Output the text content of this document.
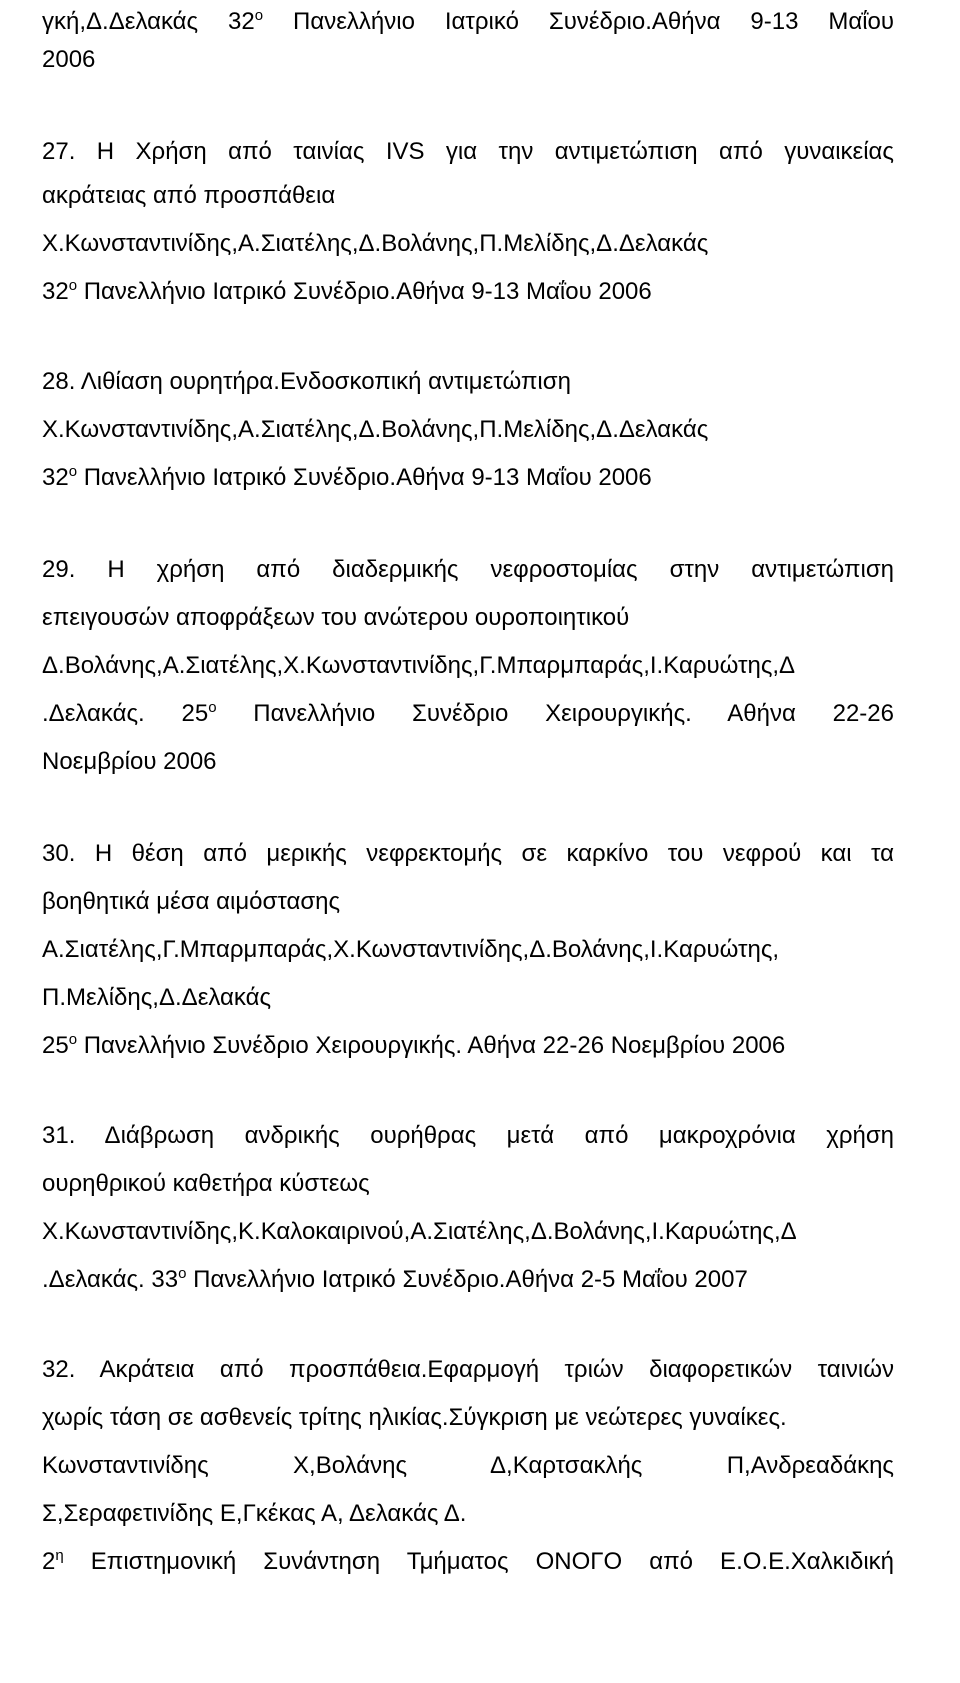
γκή,Δ.Δελακάς $32^o$ Πανελλήνιο Ιατρικό Συνέδριο.Αθήνα 9-13 Μαΐου
2006
27. Η Χρήση από ταινίας IVS για την αντιμετώπιση από γυναικείας
ακράτειας από προσπάθεια
Χ.Κωνσταντινίδης,Α.Σιατέλης,Δ.Βολάνης,Π.Μελίδης,Δ.Δελακάς
$32^o$ Πανελλήνιο Ιατρικό Συνέδριο.Αθήνα 9-13 Μαΐου 2006
28. Λιθίαση ουρητήρα.Ενδοσκοπική αντιμετώπιση
Χ.Κωνσταντινίδης,Α.Σιατέλης,Δ.Βολάνης,Π.Μελίδης,Δ.Δελακάς
$32^o$ Πανελλήνιο Ιατρικό Συνέδριο.Αθήνα 9-13 Μαΐου 2006
29. Η χρήση από διαδερμικής νεφροστομίας στην αντιμετώπιση
επειγουσών αποφράξεων του ανώτερου ουροποιητικού
Δ.Βολάνης,Α.Σιατέλης,Χ.Κωνσταντινίδης,Γ.Μπαρμπαράς,Ι.Καρυώτης,Δ
.Δελακάς. $25^o$ Πανελλήνιο Συνέδριο Χειρουργικής. Αθήνα 22-26
Νοεμβρίου 2006
30. Η θέση από μερικής νεφρεκτομής σε καρκίνο του νεφρού και τα
βοηθητικά μέσα αιμόστασης
Α.Σιατέλης,Γ.Μπαρμπαράς,Χ.Κωνσταντινίδης,Δ.Βολάνης,Ι.Καρυώτης,
Π.Μελίδης,Δ.Δελακάς
$25^o$ Πανελλήνιο Συνέδριο Χειρουργικής. Αθήνα 22-26 Νοεμβρίου 2006
31. Διάβρωση ανδρικής ουρήθρας μετά από μακροχρόνια χρήση
ουρηθρικού καθετήρα κύστεως
Χ.Κωνσταντινίδης,Κ.Καλοκαιρινού,Α.Σιατέλης,Δ.Βολάνης,Ι.Καρυώτης,Δ
.Δελακάς. $33^o$ Πανελλήνιο Ιατρικό Συνέδριο.Αθήνα 2-5 Μαΐου 2007
32. Ακράτεια από προσπάθεια.Εφαρμογή τριών διαφορετικών ταινιών
χωρίς τάση σε ασθενείς τρίτης ηλικίας.Σύγκριση με νεώτερες γυναίκες.
Κωνσταντινίδης Χ,Βολάνης Δ,Καρτσακλής Π,Ανδρεαδάκης
Σ,Σεραφετινίδης Ε,Γκέκας Α, Δελακάς Δ.
$2^\eta$ Επιστημονική Συνάντηση Τμήματος ΟΝΟΓΟ από Ε.Ο.Ε.Χαλκιδική
